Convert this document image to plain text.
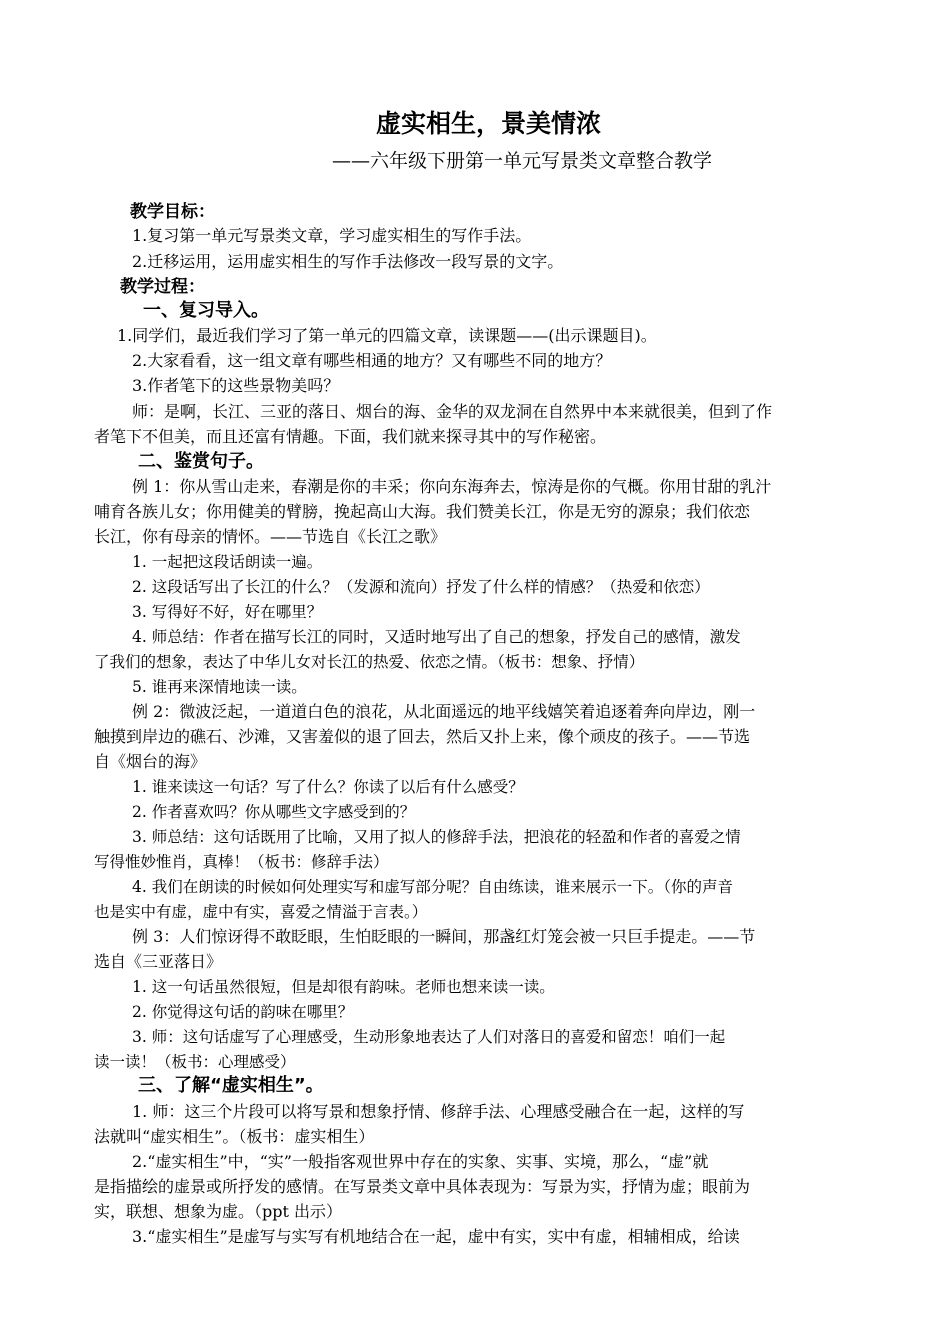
虚实相生，景美情浓
——六年级下册第一单元写景类文章整合教学
教学目标：
1.复习第一单元写景类文章，学习虚实相生的写作手法。
2.迁移运用，运用虚实相生的写作手法修改一段写景的文字。
教学过程：
一、复习导入。
1.同学们，最近我们学习了第一单元的四篇文章，读课题——(出示课题目)。
2.大家看看，这一组文章有哪些相通的地方？又有哪些不同的地方？
3.作者笔下的这些景物美吗？
师：是啊，长江、三亚的落日、烟台的海、金华的双龙洞在自然界中本来就很美，但到了作
者笔下不但美，而且还富有情趣。下面，我们就来探寻其中的写作秘密。
二、鉴赏句子。
例 1：你从雪山走来，春潮是你的丰采；你向东海奔去，惊涛是你的气概。你用甘甜的乳汁
哺育各族儿女；你用健美的臂膀，挽起高山大海。我们赞美长江，你是无穷的源泉；我们依恋
长江，你有母亲的情怀。——节选自《长江之歌》
1. 一起把这段话朗读一遍。
2. 这段话写出了长江的什么？（发源和流向）抒发了什么样的情感？（热爱和依恋）
3. 写得好不好，好在哪里？
4. 师总结：作者在描写长江的同时，又适时地写出了自己的想象，抒发自己的感情，激发
了我们的想象，表达了中华儿女对长江的热爱、依恋之情。（板书：想象、抒情）
5. 谁再来深情地读一读。
例 2：微波泛起，一道道白色的浪花，从北面遥远的地平线嬉笑着追逐着奔向岸边，刚一
触摸到岸边的礁石、沙滩，又害羞似的退了回去，然后又扑上来，像个顽皮的孩子。——节选
自《烟台的海》
1. 谁来读这一句话？写了什么？你读了以后有什么感受？
2. 作者喜欢吗？你从哪些文字感受到的？
3. 师总结：这句话既用了比喻，又用了拟人的修辞手法，把浪花的轻盈和作者的喜爱之情
写得惟妙惟肖，真棒！（板书：修辞手法）
4. 我们在朗读的时候如何处理实写和虚写部分呢？自由练读，谁来展示一下。（你的声音
也是实中有虚，虚中有实，喜爱之情溢于言表。）
例 3：人们惊讶得不敢眨眼，生怕眨眼的一瞬间，那盏红灯笼会被一只巨手提走。——节
选自《三亚落日》
1. 这一句话虽然很短，但是却很有韵味。老师也想来读一读。
2. 你觉得这句话的韵味在哪里？
3. 师：这句话虚写了心理感受，生动形象地表达了人们对落日的喜爱和留恋！咱们一起
读一读！（板书：心理感受）
三、了解“虚实相生”。
1. 师：这三个片段可以将写景和想象抒情、修辞手法、心理感受融合在一起，这样的写
法就叫“虚实相生”。（板书：虚实相生）
2.“虚实相生”中，“实”一般指客观世界中存在的实象、实事、实境，那么，“虚”就
是指描绘的虚景或所抒发的感情。在写景类文章中具体表现为：写景为实，抒情为虚；眼前为
实，联想、想象为虚。（ppt 出示）
3.“虚实相生”是虚写与实写有机地结合在一起，虚中有实，实中有虚，相辅相成，给读
